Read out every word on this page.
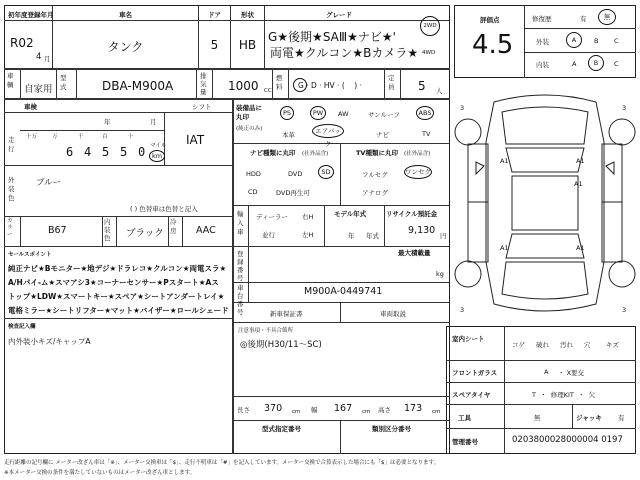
初年度登録年月
R02
4 月
車名
タンク
ドア
5
形状
HB
グレード
G★後期★SAⅢ★ナビ★'
両電★クルコン★Bカメラ★
2WD
4WD
車輌	自家用
型式	DBA-M900A
排気量 1000 CC
燃料	G · D · HV · (    ) ·
定員 5 人
車検
年	月
シフト
IAT
走行
十万	万	千	百	十
6 4 5 5 0 マイル
km
外装色
ブルー
( ) 色替車は色替と記入
カラー	B67
内装色	ブラック
冷房	AAC
装備品に丸印
(純正のみ)
PS	PW	AW	サンルーフ	ABS
本革	エアバック
ナビ	TV
ナビ種類に丸印 (社外品含)
HDD	DVD	SD
CD	DVD再生可
TV種類に丸印 (社外品含)
フルセグ	ワンセグ
アナログ
輸入車
ディーラー
並行
右H
左H
モデル年式
年 年式
リサイクル預託金
9,130 円
セールスポイント
純正ナビ★Bモニター★地デジ★ドラレコ★クルコン★両電スラ★
A/Hパイ-ム★スマアシ3★コーナーセンサー★Pスタート★Aス
トップ★LDW★スマートキー★スペア★シートアンダートレイ★
電格ミラー★シートリフター★マット★バイザー★ロールシェード
検査記入欄
内外装小キズ/キャップA
登録番号
最大積載量
kg
車台番号
M900A-0449741
新車保証書	車両取説
注意事項・不具合箇所
◎後期(H30/11〜SC)
長さ 370 cm 幅 167 cm 高さ 173 cm
型式指定番号	類別区分番号
評価点
4.5
修復歴	有	無
外装	A	B C
内装	A	B	C
3	3
A1	A1
A1
A1	A1
3	3
室内シート
コゲ 破れ 汚れ 穴 キズ
フロントガラス	A ・ X要交
スペアタイヤ	T  ・  修理KIT  ・  欠
工具	無	ジャッキ 有
管理番号	0203800028000004 0197
走行距離の記号欄に メーター改ざん車は「※」、メーター交換車は「$」、走行不明車は「#」を記入しています。メーター交換で合算表示した場合にも「$」は必要となります。
※本メーター交換の条件を満たしていないものはメーター改ざん車とします。
